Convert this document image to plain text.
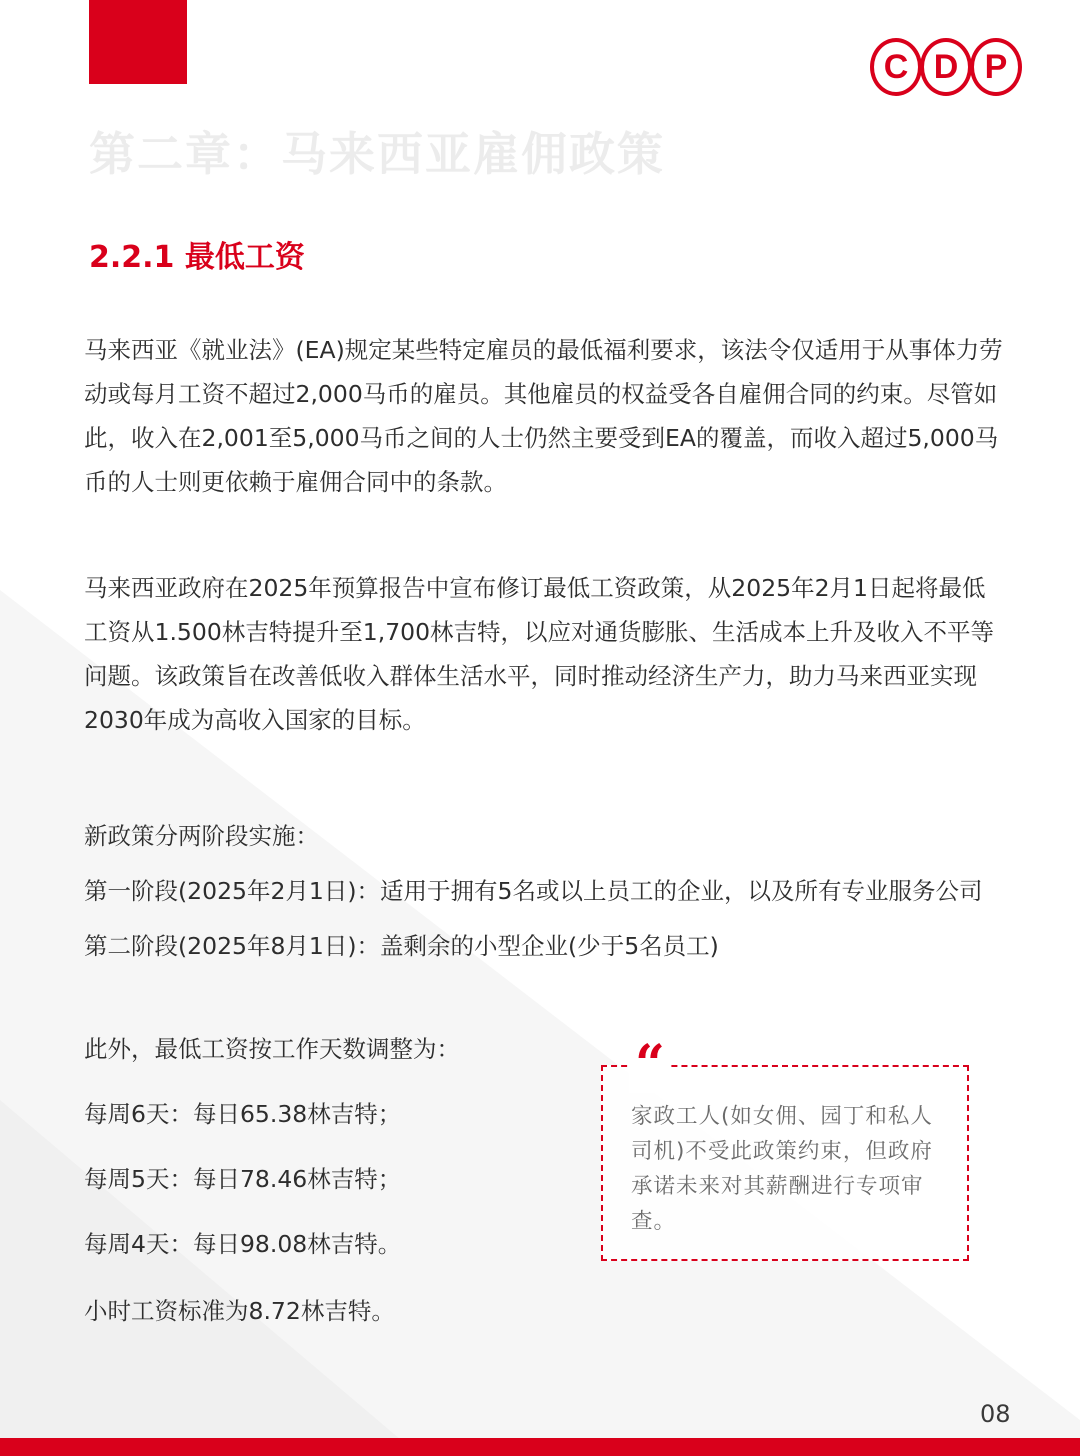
C D P
第二章：马来西亚雇佣政策
2.2.1 最低工资

马来西亚《就业法》(EA)规定某些特定雇员的最低福利要求，该法令仅适用于从事体力劳动或每月工资不超过2,000马币的雇员。其他雇员的权益受各自雇佣合同的约束。尽管如此，收入在2,001至5,000马币之间的人士仍然主要受到EA的覆盖，而收入超过5,000马币的人士则更依赖于雇佣合同中的条款。

马来西亚政府在2025年预算报告中宣布修订最低工资政策，从2025年2月1日起将最低工资从1.500林吉特提升至1,700林吉特，以应对通货膨胀、生活成本上升及收入不平等问题。该政策旨在改善低收入群体生活水平，同时推动经济生产力，助力马来西亚实现2030年成为高收入国家的目标。

新政策分两阶段实施：

第一阶段(2025年2月1日)：适用于拥有5名或以上员工的企业，以及所有专业服务公司

第二阶段(2025年8月1日)：盖剩余的小型企业(少于5名员工)

此外，最低工资按工作天数调整为：

每周6天：每日65.38林吉特；

每周5天：每日78.46林吉特；

每周4天：每日98.08林吉特。

小时工资标准为8.72林吉特。

“

家政工人(如女佣、园丁和私人司机)不受此政策约束，但政府承诺未来对其薪酬进行专项审查。

08
